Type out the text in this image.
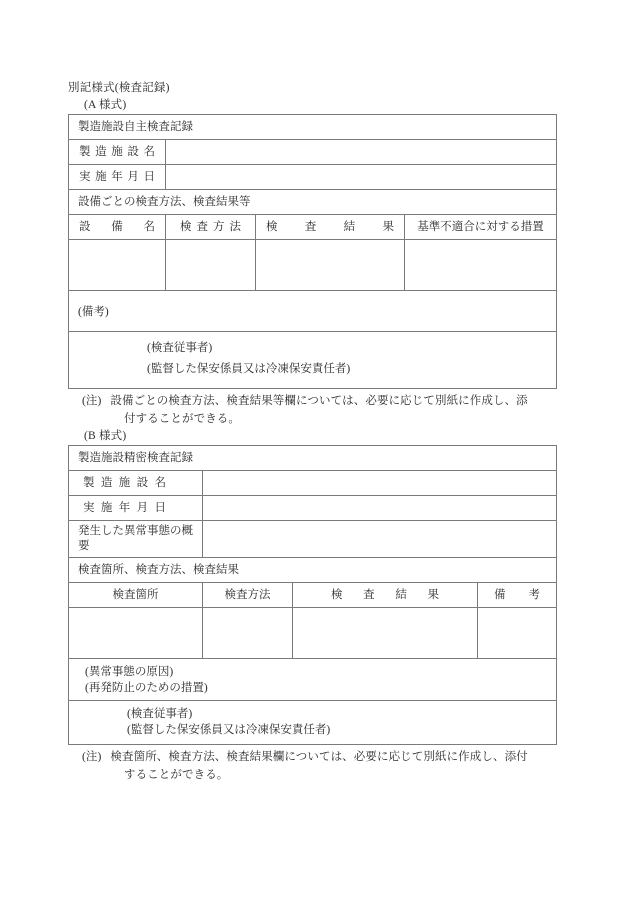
別記様式(検査記録)
(A 様式)
製造施設自主検査記録			

製造施設名			

実施年月日			

設備ごとの検査方法、検査結果等			

設備名	検査方法	検査結果	基準不適合に対する措置

(備考)			

(検査従事者)
(監督した保安係員又は冷凍保安責任者)			
(注) 設備ごとの検査方法、検査結果等欄については、必要に応じて別紙に作成し、添
付することができる。
(B 様式)
製造施設精密検査記録			

製造施設名			

実施年月日			

発生した異常事態の概要			

検査箇所、検査方法、検査結果			

検査箇所	検査方法	検査結果	備考

(異常事態の原因)
(再発防止のための措置)			

(検査従事者)
(監督した保安係員又は冷凍保安責任者)			
(注) 検査箇所、検査方法、検査結果欄については、必要に応じて別紙に作成し、添付
することができる。
